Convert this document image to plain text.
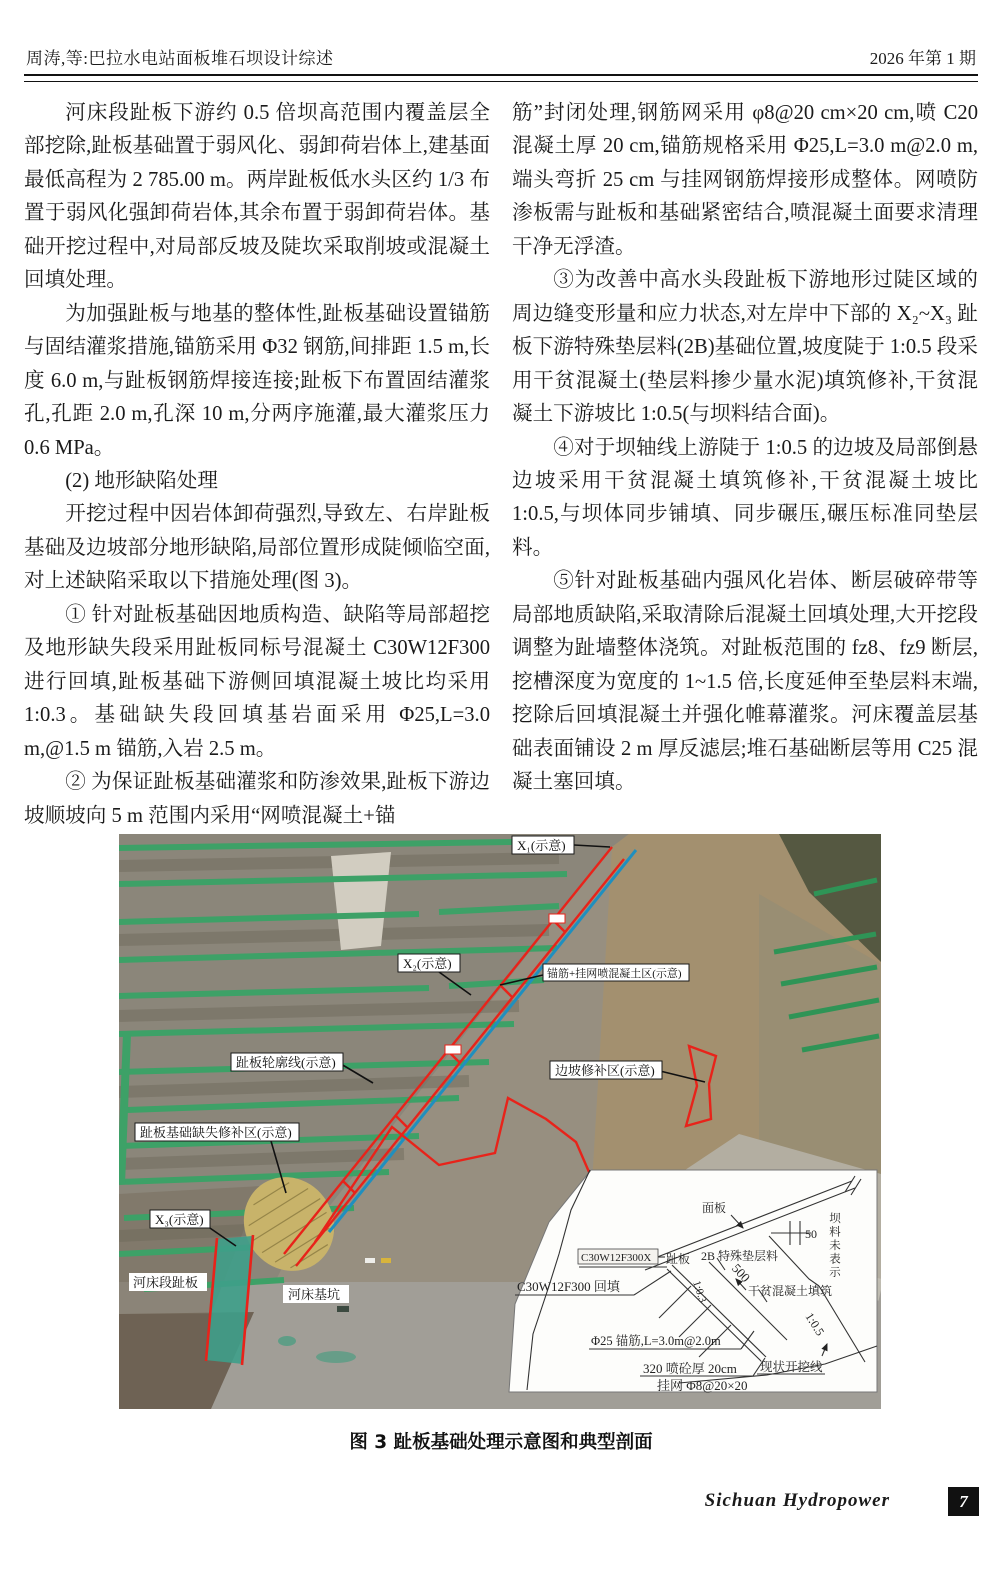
周涛,等:巴拉水电站面板堆石坝设计综述	2026 年第 1 期

河床段趾板下游约 0.5 倍坝高范围内覆盖层全部挖除,趾板基础置于弱风化、弱卸荷岩体上,建基面最低高程为 2 785.00 m。两岸趾板低水头区约 1/3 布置于弱风化强卸荷岩体,其余布置于弱卸荷岩体。基础开挖过程中,对局部反坡及陡坎采取削坡或混凝土回填处理。

为加强趾板与地基的整体性,趾板基础设置锚筋与固结灌浆措施,锚筋采用 Φ32 钢筋,间排距 1.5 m,长度 6.0 m,与趾板钢筋焊接连接;趾板下布置固结灌浆孔,孔距 2.0 m,孔深 10 m,分两序施灌,最大灌浆压力 0.6 MPa。

(2) 地形缺陷处理

开挖过程中因岩体卸荷强烈,导致左、右岸趾板基础及边坡部分地形缺陷,局部位置形成陡倾临空面,对上述缺陷采取以下措施处理(图 3)。

① 针对趾板基础因地质构造、缺陷等局部超挖及地形缺失段采用趾板同标号混凝土 C30W12F300 进行回填,趾板基础下游侧回填混凝土坡比均采用 1:0.3。基础缺失段回填基岩面采用 Φ25,L=3.0 m,@1.5 m 锚筋,入岩 2.5 m。

② 为保证趾板基础灌浆和防渗效果,趾板下游边坡顺坡向 5 m 范围内采用“网喷混凝土+锚

筋”封闭处理,钢筋网采用 φ8@20 cm×20 cm,喷 C20 混凝土厚 20 cm,锚筋规格采用 Φ25,L=3.0 m@2.0 m,端头弯折 25 cm 与挂网钢筋焊接形成整体。网喷防渗板需与趾板和基础紧密结合,喷混凝土面要求清理干净无浮渣。

③为改善中高水头段趾板下游地形过陡区域的周边缝变形量和应力状态,对左岸中下部的 X₂~X₃ 趾板下游特殊垫层料(2B)基础位置,坡度陡于 1:0.5 段采用干贫混凝土(垫层料掺少量水泥)填筑修补,干贫混凝土下游坡比 1:0.5(与坝料结合面)。

④对于坝轴线上游陡于 1:0.5 的边坡及局部倒悬边坡采用干贫混凝土填筑修补,干贫混凝土坡比 1:0.5,与坝体同步铺填、同步碾压,碾压标准同垫层料。

⑤针对趾板基础内强风化岩体、断层破碎带等局部地质缺陷,采取清除后混凝土回填处理,大开挖段调整为趾墙整体浇筑。对趾板范围的 fz8、fz9 断层,挖槽深度为宽度的 1~1.5 倍,长度延伸至垫层料末端,挖除后回填混凝土并强化帷幕灌浆。河床覆盖层基础表面铺设 2 m 厚反滤层;堆石基础断层等用 C25 混凝土塞回填。

X₁(示意)
X₂(示意)
锚筋+挂网喷混凝土区(示意)
趾板轮廓线(示意)
趾板基础缺失修补区(示意)
X₃(示意)
边坡修补区(示意)
河床段趾板
河床基坑
面板
50
C30W12F300X 趾板 2B 特殊垫层料
500
C30W12F300 回填	干贫混凝土填筑
1:0.3
1:0.5
Φ25 锚筋,L=3.0m@2.0m
320 喷砼厚 20cm
挂网 Φ8@20×20
现状开挖线
坝料未表示
图 3 趾板基础处理示意图和典型剖面
Sichuan Hydropower	7
